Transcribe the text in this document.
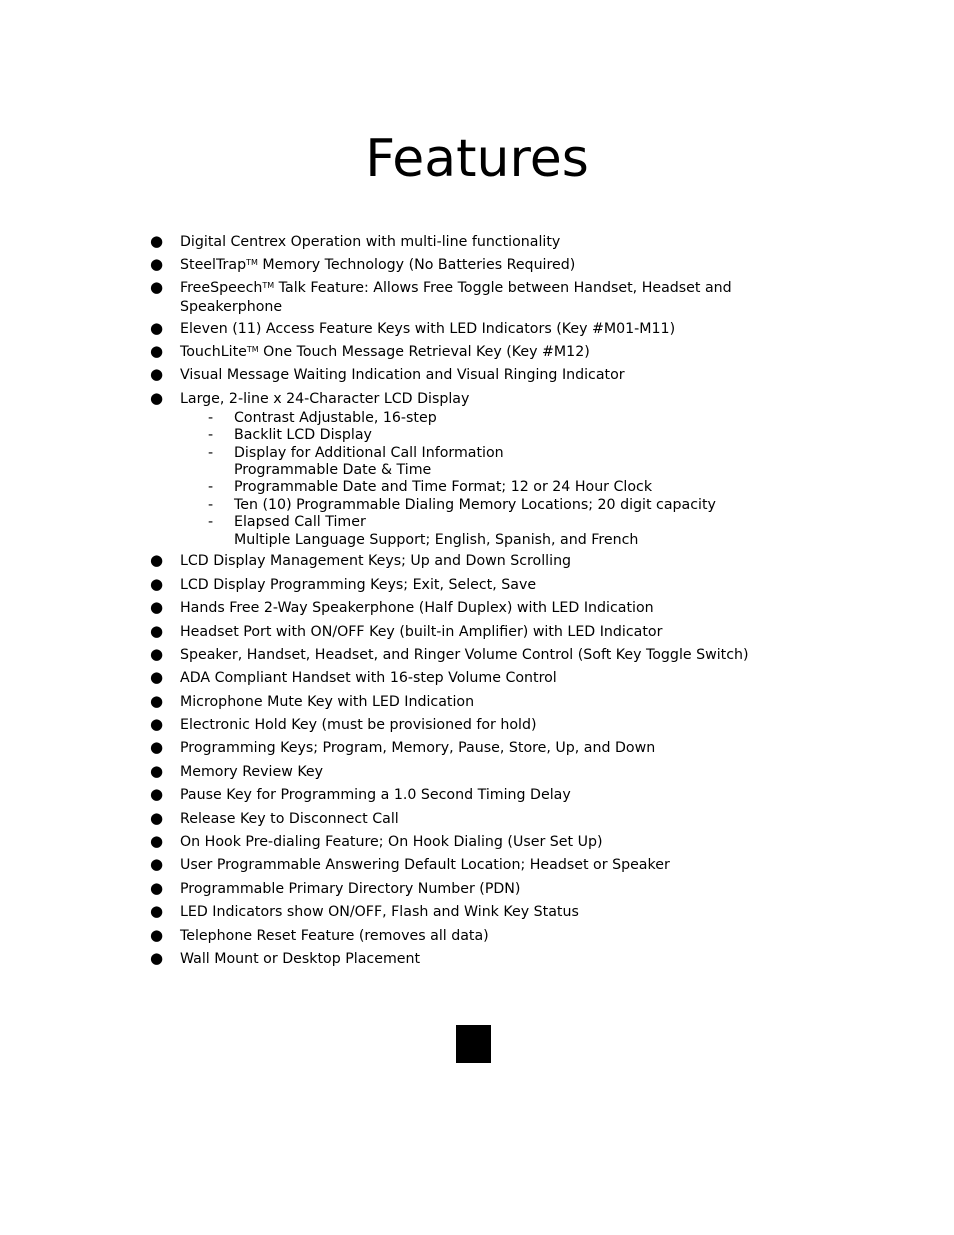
Features
● Digital Centrex Operation with multi-line functionality
● SteelTrap™ Memory Technology (No Batteries Required)
● FreeSpeech™ Talk Feature: Allows Free Toggle between Handset, Headset and Speakerphone
● Eleven (11) Access Feature Keys with LED Indicators (Key #M01-M11)
● TouchLite™ One Touch Message Retrieval Key (Key #M12)
● Visual Message Waiting Indication and Visual Ringing Indicator
● Large, 2-line x 24-Character LCD Display
● LCD Display Management Keys; Up and Down Scrolling
● LCD Display Programming Keys; Exit, Select, Save
● Hands Free 2-Way Speakerphone (Half Duplex) with LED Indication
● Headset Port with ON/OFF Key (built-in Amplifier) with LED Indicator
● Speaker, Handset, Headset, and Ringer Volume Control (Soft Key Toggle Switch)
● ADA Compliant Handset with 16-step Volume Control
● Microphone Mute Key with LED Indication
● Electronic Hold Key (must be provisioned for hold)
● Programming Keys; Program, Memory, Pause, Store, Up, and Down
● Memory Review Key
● Pause Key for Programming a 1.0 Second Timing Delay
● Release Key to Disconnect Call
● On Hook Pre-dialing Feature; On Hook Dialing (User Set Up)
● User Programmable Answering Default Location; Headset or Speaker
● Programmable Primary Directory Number (PDN)
● LED Indicators show ON/OFF, Flash and Wink Key Status
● Telephone Reset Feature (removes all data)
● Wall Mount or Desktop Placement
- Contrast Adjustable, 16-step
- Backlit LCD Display
- Display for Additional Call Information
Programmable Date & Time
- Programmable Date and Time Format; 12 or 24 Hour Clock
- Ten (10) Programmable Dialing Memory Locations; 20 digit capacity
- Elapsed Call Timer
Multiple Language Support; English, Spanish, and French
